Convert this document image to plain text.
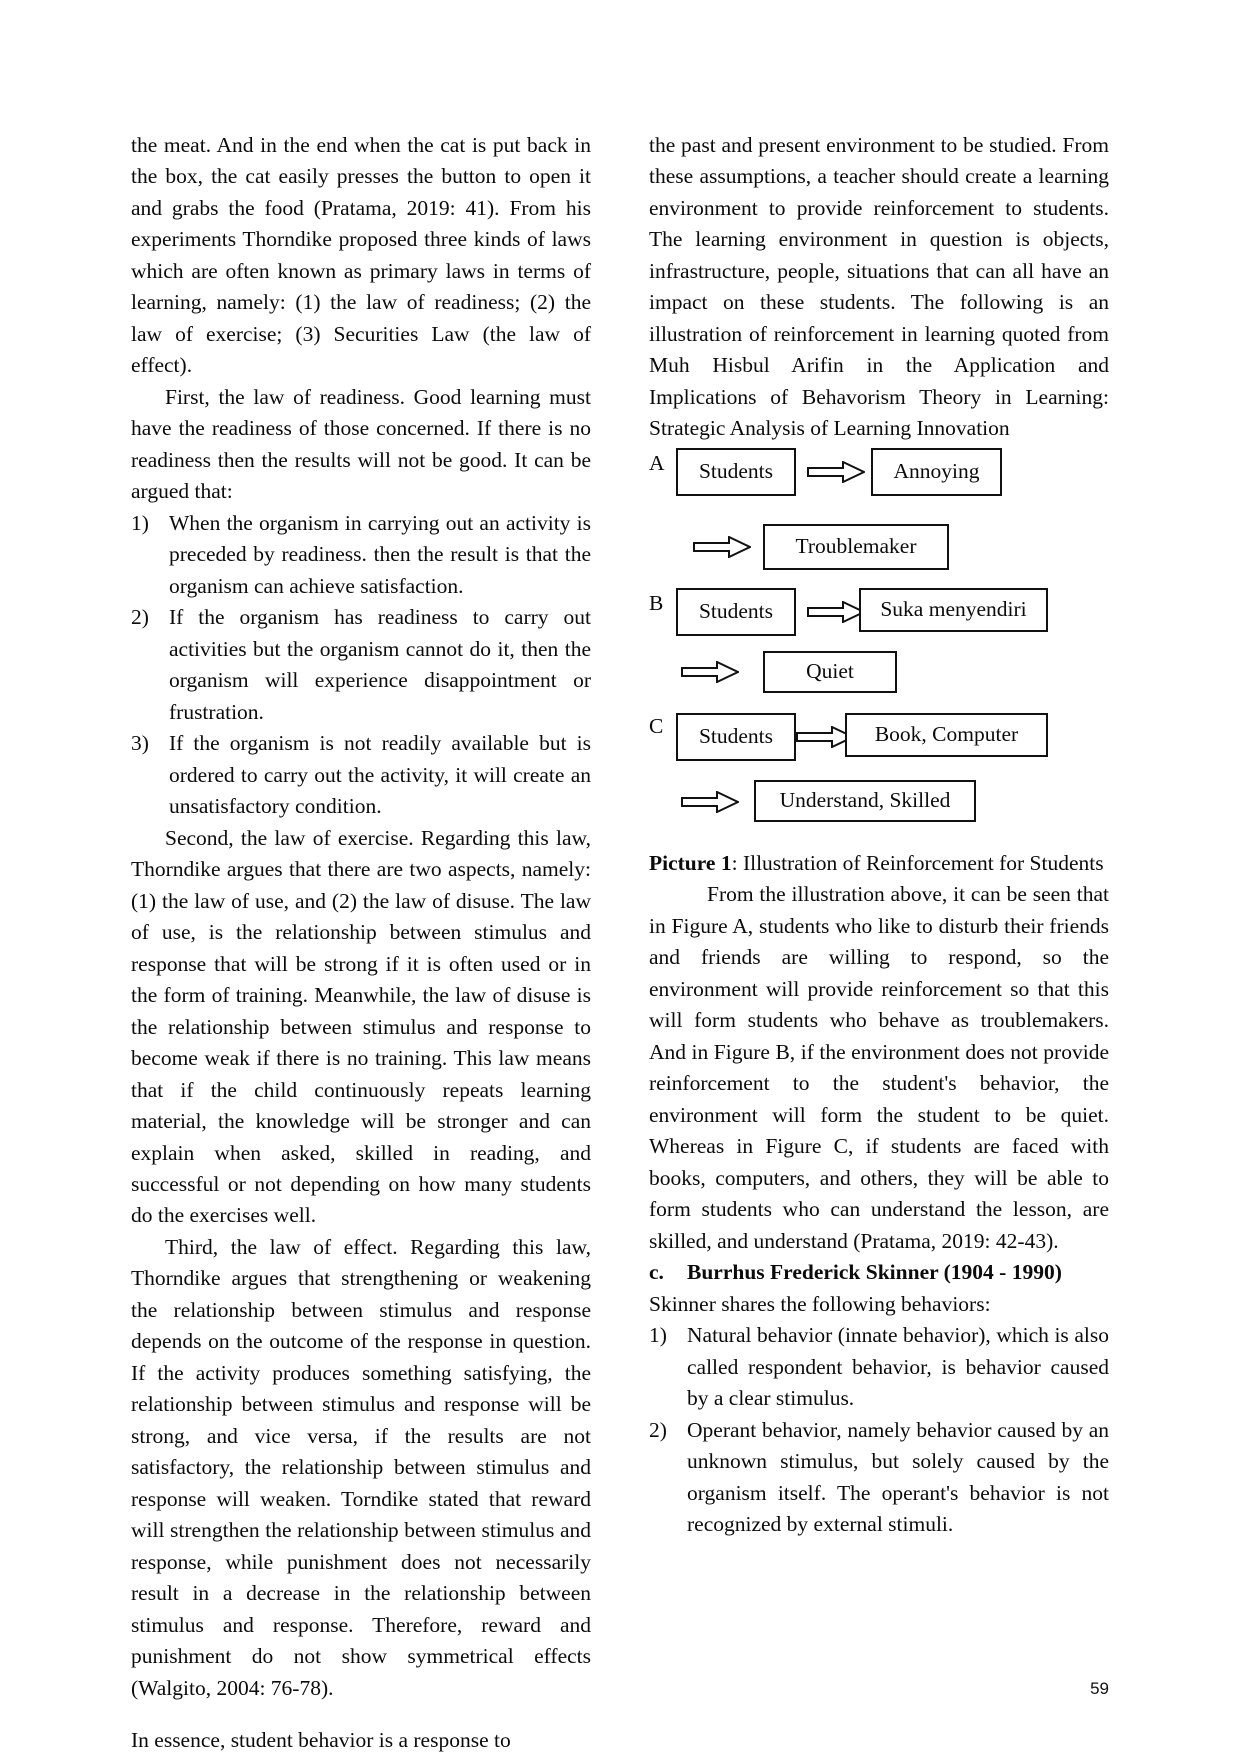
the meat. And in the end when the cat is put back in the box, the cat easily presses the button to open it and grabs the food (Pratama, 2019: 41). From his experiments Thorndike proposed three kinds of laws which are often known as primary laws in terms of learning, namely: (1) the law of readiness; (2) the law of exercise; (3) Securities Law (the law of effect).

First, the law of readiness. Good learning must have the readiness of those concerned. If there is no readiness then the results will not be good. It can be argued that:

1) When the organism in carrying out an activity is preceded by readiness. then the result is that the organism can achieve satisfaction.
2) If the organism has readiness to carry out activities but the organism cannot do it, then the organism will experience disappointment or frustration.
3) If the organism is not readily available but is ordered to carry out the activity, it will create an unsatisfactory condition.

Second, the law of exercise. Regarding this law, Thorndike argues that there are two aspects, namely: (1) the law of use, and (2) the law of disuse. The law of use, is the relationship between stimulus and response that will be strong if it is often used or in the form of training. Meanwhile, the law of disuse is the relationship between stimulus and response to become weak if there is no training. This law means that if the child continuously repeats learning material, the knowledge will be stronger and can explain when asked, skilled in reading, and successful or not depending on how many students do the exercises well.

Third, the law of effect. Regarding this law, Thorndike argues that strengthening or weakening the relationship between stimulus and response depends on the outcome of the response in question. If the activity produces something satisfying, the relationship between stimulus and response will be strong, and vice versa, if the results are not satisfactory, the relationship between stimulus and response will weaken. Torndike stated that reward will strengthen the relationship between stimulus and response, while punishment does not necessarily result in a decrease in the relationship between stimulus and response. Therefore, reward and punishment do not show symmetrical effects (Walgito, 2004: 76-78).

In essence, student behavior is a response to

the past and present environment to be studied. From these assumptions, a teacher should create a learning environment to provide reinforcement to students. The learning environment in question is objects, infrastructure, people, situations that can all have an impact on these students. The following is an illustration of reinforcement in learning quoted from Muh Hisbul Arifin in the Application and Implications of Behavorism Theory in Learning: Strategic Analysis of Learning Innovation

A	Students	Annoying
Troublemaker
B	Students	Suka menyendiri
Quiet
C	Students	Book, Computer
Understand, Skilled

Picture 1: Illustration of Reinforcement for Students

From the illustration above, it can be seen that in Figure A, students who like to disturb their friends and friends are willing to respond, so the environment will provide reinforcement so that this will form students who behave as troublemakers. And in Figure B, if the environment does not provide reinforcement to the student's behavior, the environment will form the student to be quiet. Whereas in Figure C, if students are faced with books, computers, and others, they will be able to form students who can understand the lesson, are skilled, and understand (Pratama, 2019: 42-43).

c.	Burrhus Frederick Skinner (1904 - 1990)

Skinner shares the following behaviors:

1) Natural behavior (innate behavior), which is also called respondent behavior, is behavior caused by a clear stimulus.
2) Operant behavior, namely behavior caused by an unknown stimulus, but solely caused by the organism itself. The operant's behavior is not recognized by external stimuli.
59
